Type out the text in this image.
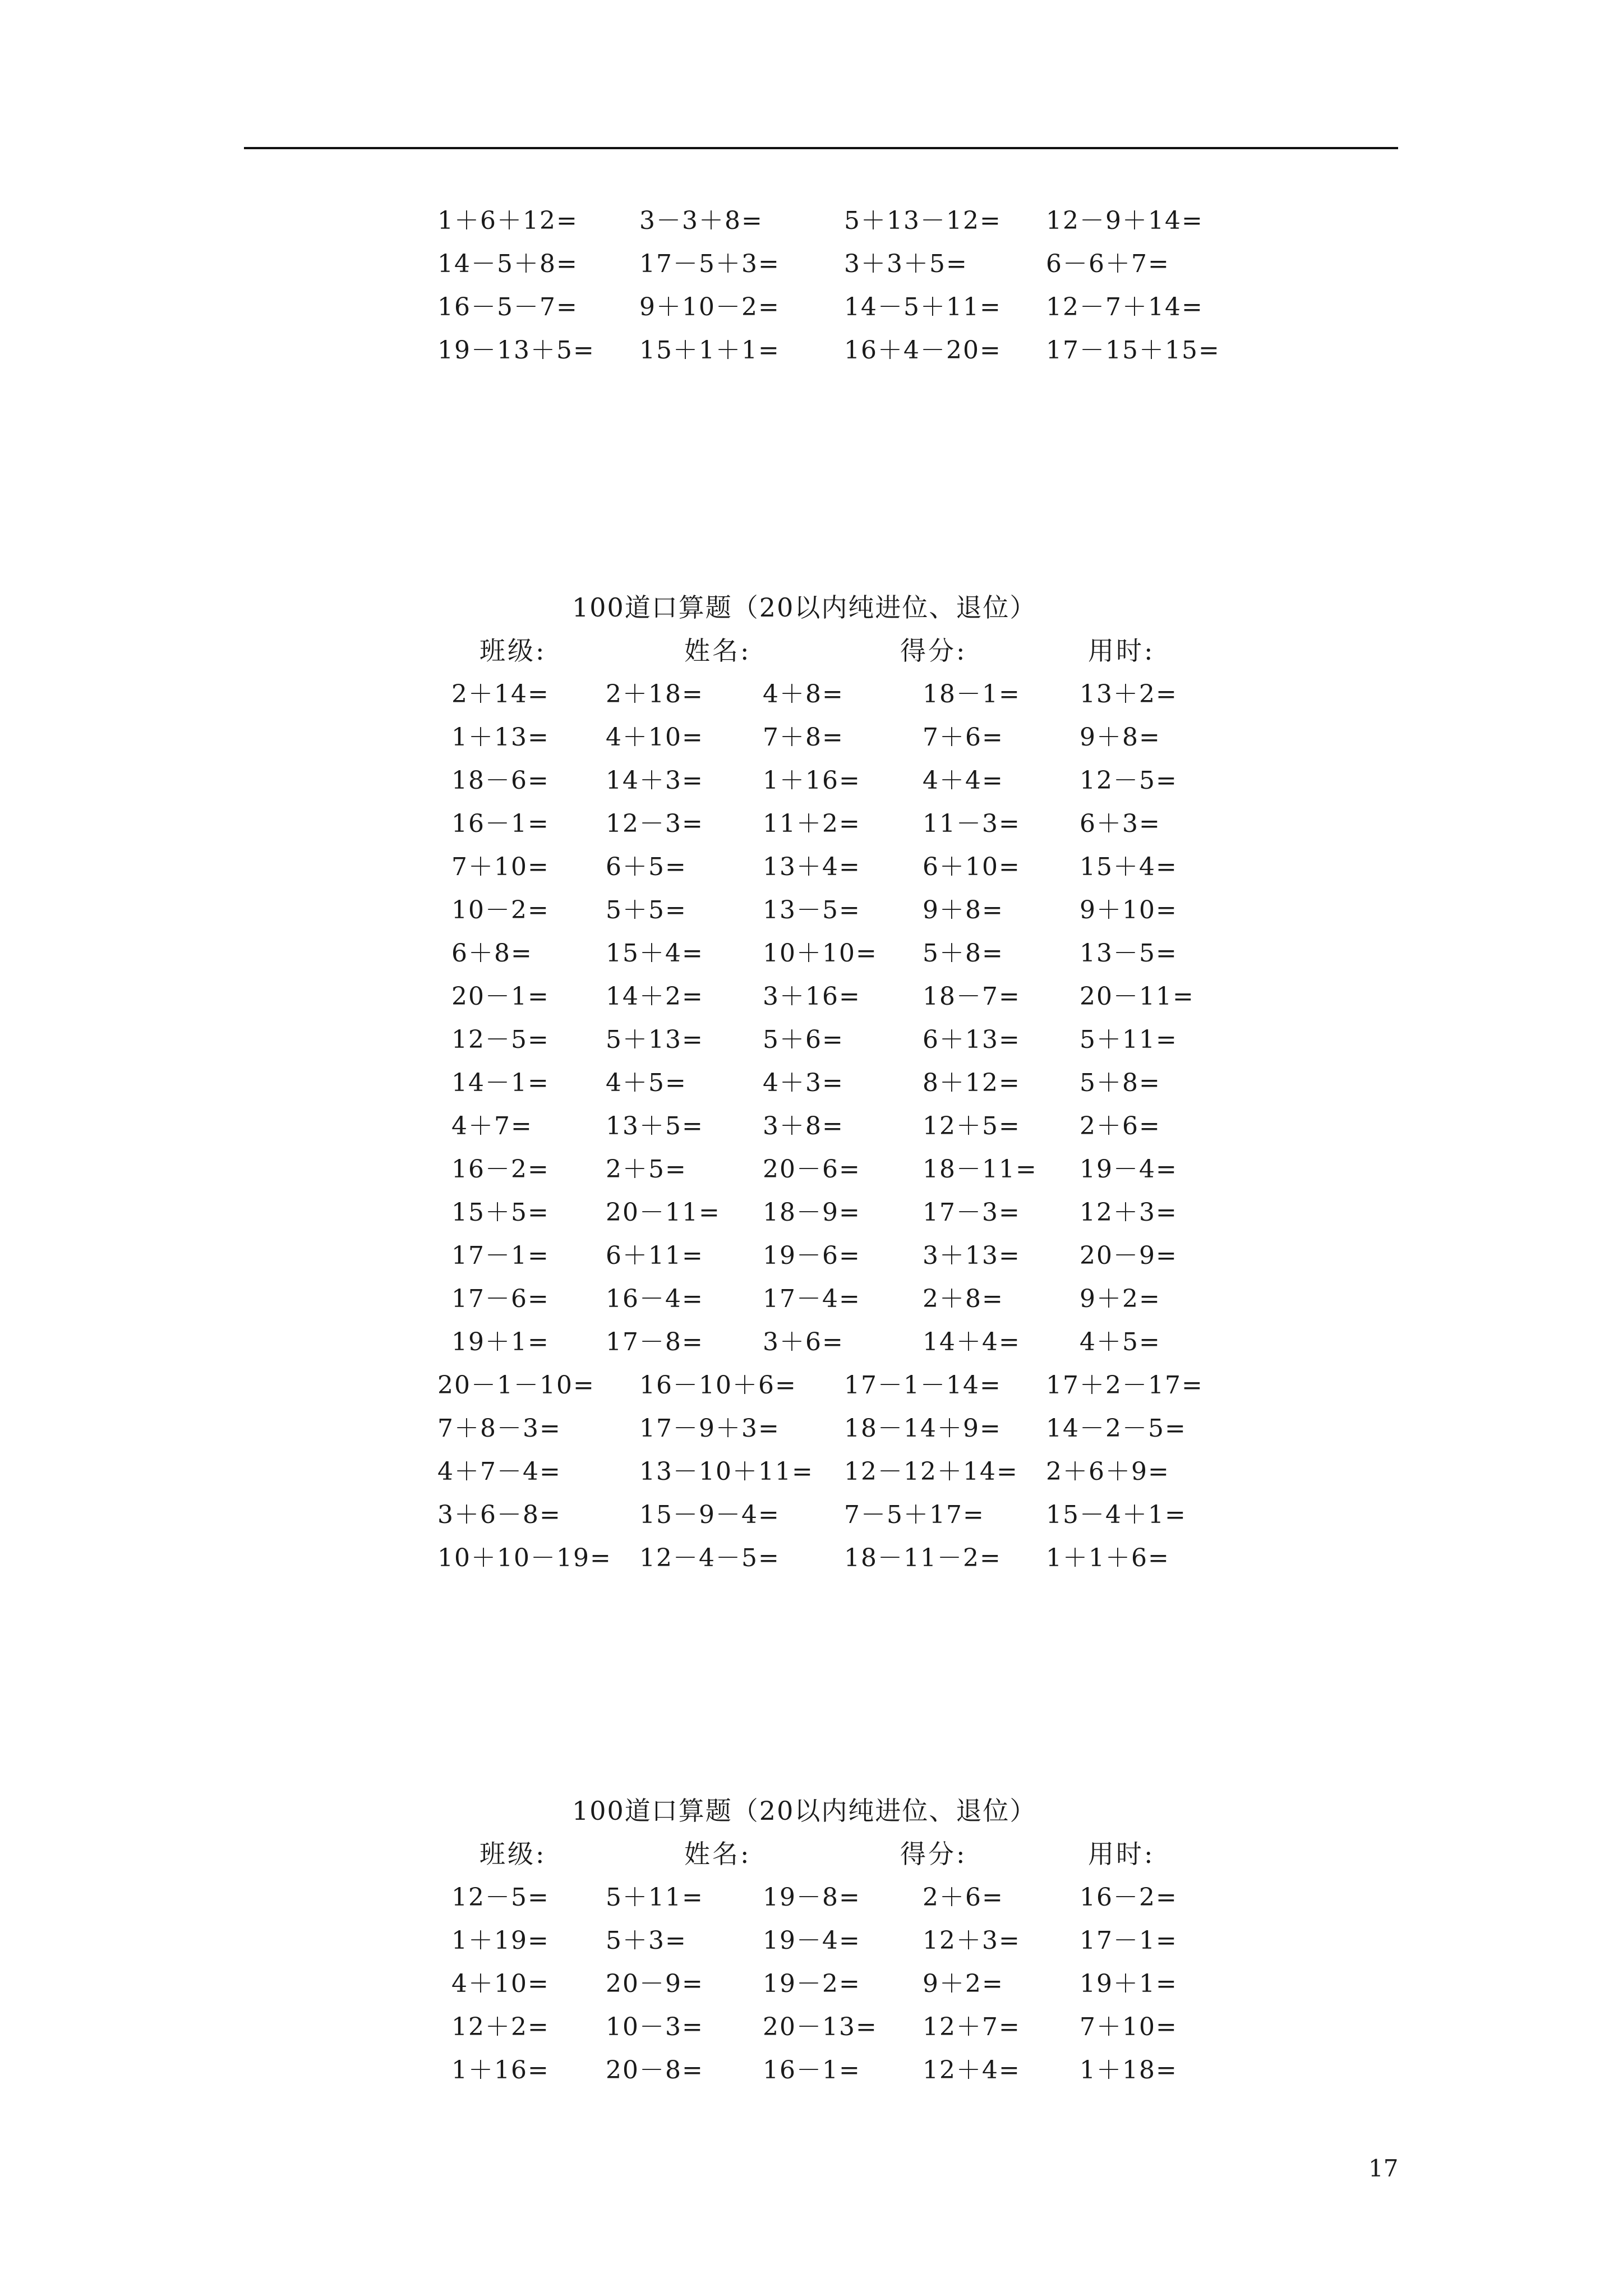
1＋6＋12= 3－3＋8=	5＋13－12= 12－9＋14=
14－5＋8= 17－5＋3=	3＋3＋5=	6－6＋7=
16－5－7= 9＋10－2=	14－5＋11= 12－7＋14=
19－13＋5= 15＋1＋1=	16＋4－20= 17－15＋15=
100道口算题（20以内纯进位、退位）
班级:	姓名:	得分:	用时:
2＋14= 2＋18= 4＋8=	18－1= 13＋2=
1＋13= 4＋10= 7＋8=	7＋6=	9＋8=
18－6= 14＋3= 1＋16=	4＋4=	12－5=
16－1= 12－3= 11＋2=	11－3= 6＋3=
7＋10= 6＋5=	13＋4=	6＋10= 15＋4=
10－2= 5＋5=	13－5=	9＋8=	9＋10=
6＋8=	15＋4= 10＋10= 5＋8=	13－5=
20－1= 14＋2= 3＋16=	18－7= 20－11=
12－5= 5＋13= 5＋6=	6＋13= 5＋11=
14－1= 4＋5=	4＋3=	8＋12= 5＋8=
4＋7=	13＋5= 3＋8=	12＋5= 2＋6=
16－2= 2＋5=	20－6=	18－11= 19－4=
15＋5= 20－11= 18－9=	17－3= 12＋3=
17－1= 6＋11= 19－6=	3＋13= 20－9=
17－6= 16－4= 17－4=	2＋8=	9＋2=
19＋1= 17－8= 3＋6=	14＋4= 4＋5=
20－1－10= 16－10＋6= 17－1－14= 17＋2－17=
7＋8－3=	17－9＋3=	18－14＋9= 14－2－5=
4＋7－4=	13－10＋11= 12－12＋14= 2＋6＋9=
3＋6－8=	15－9－4=	7－5＋17= 15－4＋1=
10＋10－19= 12－4－5=	18－11－2= 1＋1＋6=
100道口算题（20以内纯进位、退位）
班级:	姓名:	得分:	用时:
12－5= 5＋11= 19－8=	2＋6=	16－2=
1＋19= 5＋3=	19－4=	12＋3= 17－1=
4＋10= 20－9= 19－2=	9＋2=	19＋1=
12＋2= 10－3= 20－13= 12＋7= 7＋10=
1＋16= 20－8= 16－1=	12＋4= 1＋18=
17
